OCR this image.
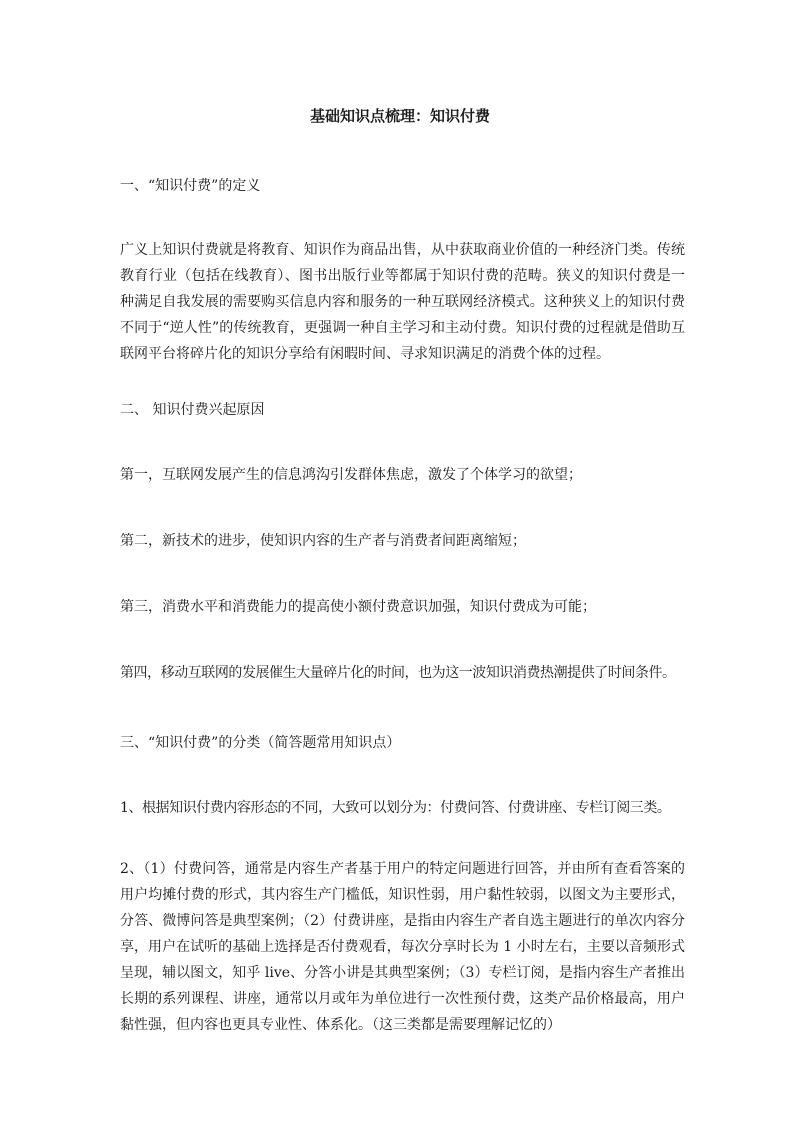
基础知识点梳理：知识付费
一、“知识付费”的定义
广义上知识付费就是将教育、知识作为商品出售，从中获取商业价值的一种经济门类。传统教育行业（包括在线教育）、图书出版行业等都属于知识付费的范畴。狭义的知识付费是一种满足自我发展的需要购买信息内容和服务的一种互联网经济模式。这种狭义上的知识付费不同于“逆人性”的传统教育，更强调一种自主学习和主动付费。知识付费的过程就是借助互联网平台将碎片化的知识分享给有闲暇时间、寻求知识满足的消费个体的过程。
二、 知识付费兴起原因
第一，互联网发展产生的信息鸿沟引发群体焦虑，激发了个体学习的欲望；
第二，新技术的进步，使知识内容的生产者与消费者间距离缩短；
第三，消费水平和消费能力的提高使小额付费意识加强，知识付费成为可能；
第四，移动互联网的发展催生大量碎片化的时间，也为这一波知识消费热潮提供了时间条件。
三、“知识付费”的分类（简答题常用知识点）
1、根据知识付费内容形态的不同，大致可以划分为：付费问答、付费讲座、专栏订阅三类。
2、（1）付费问答，通常是内容生产者基于用户的特定问题进行回答，并由所有查看答案的用户均摊付费的形式，其内容生产门槛低，知识性弱，用户黏性较弱，以图文为主要形式，分答、微博问答是典型案例；（2）付费讲座，是指由内容生产者自选主题进行的单次内容分享，用户在试听的基础上选择是否付费观看，每次分享时长为 1 小时左右，主要以音频形式呈现，辅以图文，知乎 live、分答小讲是其典型案例；（3）专栏订阅，是指内容生产者推出长期的系列课程、讲座，通常以月或年为单位进行一次性预付费，这类产品价格最高，用户黏性强，但内容也更具专业性、体系化。（这三类都是需要理解记忆的）
